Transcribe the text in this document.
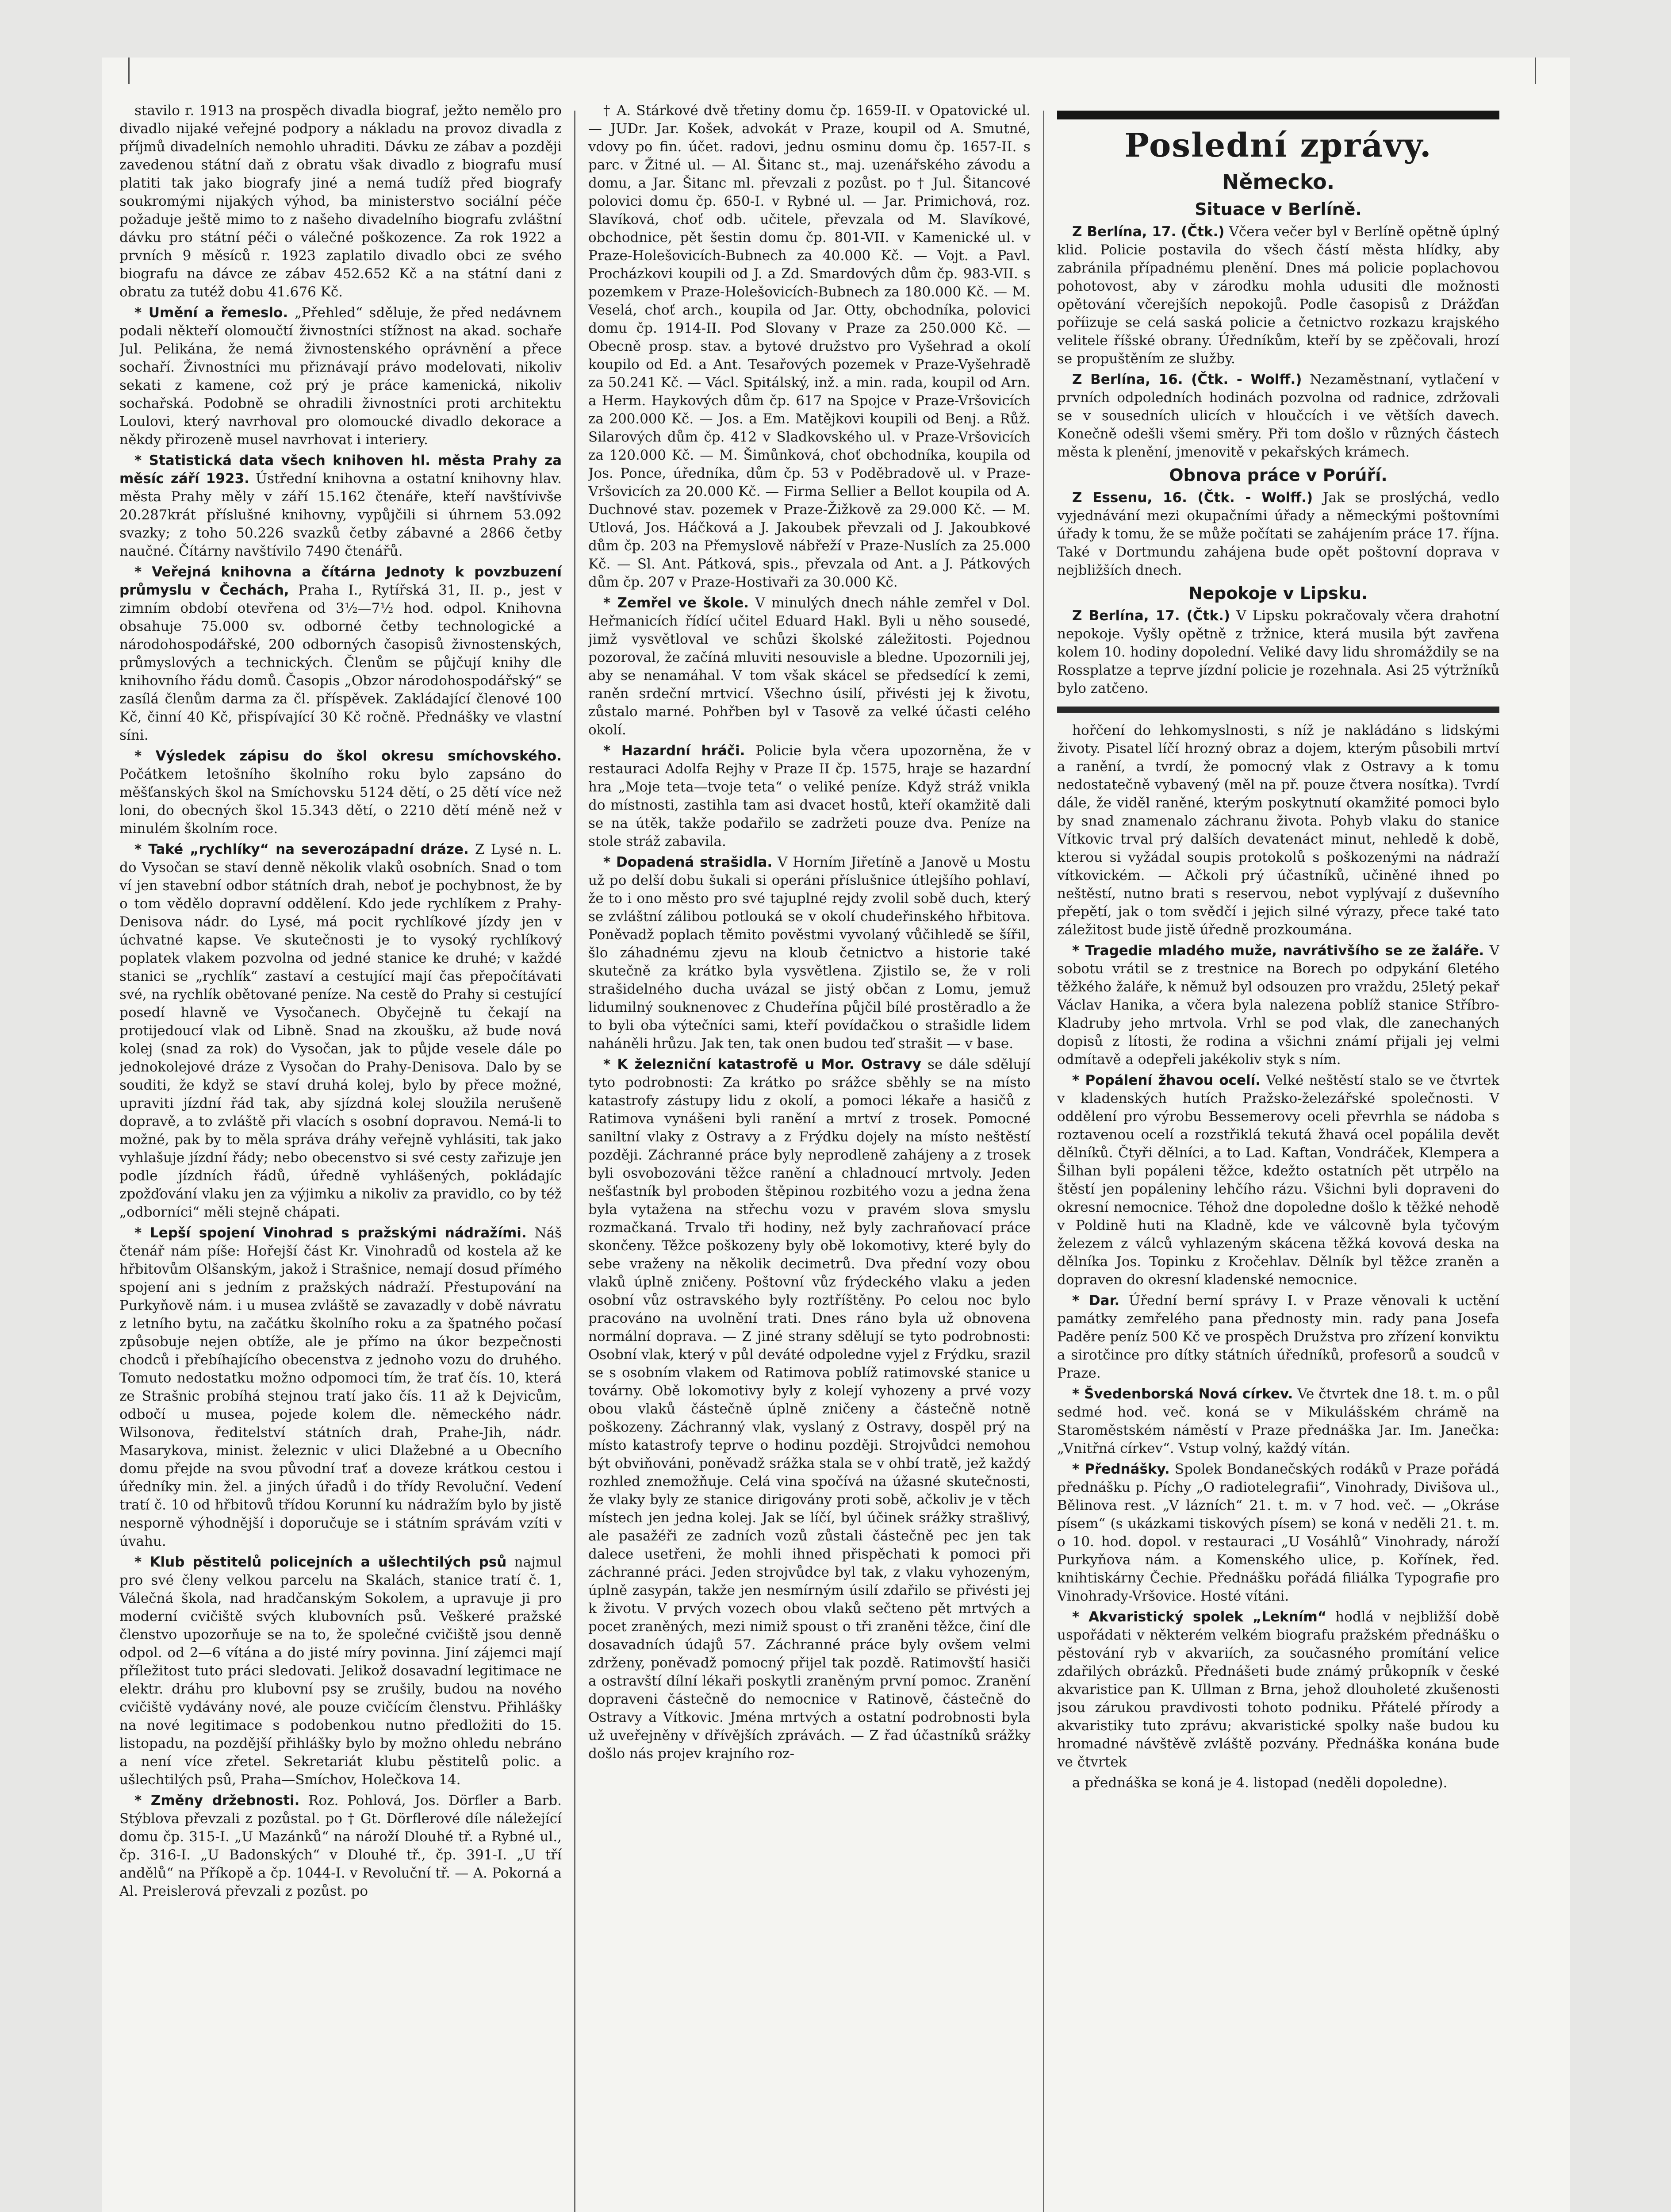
stavilo r. 1913 na prospěch divadla biograf, ježto nemělo pro divadlo nijaké veřejné podpory a nákladu na provoz divadla z příjmů divadelních nemohlo uhraditi. Dávku ze zábav a později zavedenou státní daň z obratu však divadlo z biografu musí platiti tak jako biografy jiné a nemá tudíž před biografy soukromými nijakých výhod, ba ministerstvo sociální péče požaduje ještě mimo to z našeho divadelního biografu zvláštní dávku pro státní péči o válečné poškozence. Za rok 1922 a prvních 9 měsíců r. 1923 zaplatilo divadlo obci ze svého biografu na dávce ze zábav 452.652 Kč a na státní dani z obratu za tutéž dobu 41.676 Kč.

* Umění a řemeslo. „Přehled“ sděluje, že před nedávnem podali někteří olomoučtí živnostníci stížnost na akad. sochaře Jul. Pelikána, že nemá živnostenského oprávnění a přece sochaří. Živnostníci mu přiznávají právo modelovati, nikoliv sekati z kamene, což prý je práce kamenická, nikoliv sochařská. Podobně se ohradili živnostníci proti architektu Loulovi, který navrhoval pro olomoucké divadlo dekorace a někdy přirozeně musel navrhovat i interiery.

* Statistická data všech knihoven hl. města Prahy za měsíc září 1923. Ústřední knihovna a ostatní knihovny hlav. města Prahy měly v září 15.162 čtenáře, kteří navštívivše 20.287krát příslušné knihovny, vypůjčili si úhrnem 53.092 svazky; z toho 50.226 svazků četby zábavné a 2866 četby naučné. Čítárny navštívilo 7490 čtenářů.

* Veřejná knihovna a čítárna Jednoty k povzbuzení průmyslu v Čechách, Praha I., Rytířská 31, II. p., jest v zimním období otevřena od 3½—7½ hod. odpol. Knihovna obsahuje 75.000 sv. odborné četby technologické a národohospodářské, 200 odborných časopisů živnostenských, průmyslových a technických. Členům se půjčují knihy dle knihovního řádu domů. Časopis „Obzor národohospodářský“ se zasílá členům darma za čl. příspěvek. Zakládající členové 100 Kč, činní 40 Kč, přispívající 30 Kč ročně. Přednášky ve vlastní síni.

* Výsledek zápisu do škol okresu smíchovského. Počátkem letošního školního roku bylo zapsáno do měšťanských škol na Smíchovsku 5124 dětí, o 25 dětí více než loni, do obecných škol 15.343 dětí, o 2210 dětí méně než v minulém školním roce.

* Také „rychlíky“ na severozápadní dráze. Z Lysé n. L. do Vysočan se staví denně několik vlaků osobních. Snad o tom ví jen stavební odbor státních drah, neboť je pochybnost, že by o tom vědělo dopravní oddělení. Kdo jede rychlíkem z Prahy-Denisova nádr. do Lysé, má pocit rychlíkové jízdy jen v úchvatné kapse. Ve skutečnosti je to vysoký rychlíkový poplatek vlakem pozvolna od jedné stanice ke druhé; v každé stanici se „rychlík“ zastaví a cestující mají čas přepočítávati své, na rychlík obětované peníze. Na cestě do Prahy si cestující posedí hlavně ve Vysočanech. Obyčejně tu čekají na protijedoucí vlak od Libně. Snad na zkoušku, až bude nová kolej (snad za rok) do Vysočan, jak to půjde vesele dále po jednokolejové dráze z Vysočan do Prahy-Denisova. Dalo by se souditi, že když se staví druhá kolej, bylo by přece možné, upraviti jízdní řád tak, aby sjízdná kolej sloužila nerušeně dopravě, a to zvláště při vlacích s osobní dopravou. Nemá-li to možné, pak by to měla správa dráhy veřejně vyhlásiti, tak jako vyhlašuje jízdní řády; nebo obecenstvo si své cesty zařizuje jen podle jízdních řádů, úředně vyhlášených, pokládajíc zpožďování vlaku jen za výjimku a nikoliv za pravidlo, co by též „odborníci“ měli stejně chápati.

* Lepší spojení Vinohrad s pražskými nádražími. Náš čtenář nám píše: Hořejší část Kr. Vinohradů od kostela až ke hřbitovům Olšanským, jakož i Strašnice, nemají dosud přímého spojení ani s jedním z pražských nádraží. Přestupování na Purkyňově nám. i u musea zvláště se zavazadly v době návratu z letního bytu, na začátku školního roku a za špatného počasí způsobuje nejen obtíže, ale je přímo na úkor bezpečnosti chodců i přebíhajícího obecenstva z jednoho vozu do druhého. Tomuto nedostatku možno odpomoci tím, že trať čís. 10, která ze Strašnic probíhá stejnou tratí jako čís. 11 až k Dejvicům, odbočí u musea, pojede kolem dle. německého nádr. Wilsonova, ředitelství státních drah, Prahe-Jih, nádr. Masarykova, minist. železnic v ulici Dlažebné a u Obecního domu přejde na svou původní trať a doveze krátkou cestou i úředníky min. žel. a jiných úřadů i do třídy Revoluční. Vedení tratí č. 10 od hřbitovů třídou Korunní ku nádražím bylo by jistě nesporně výhodnější i doporučuje se i státním správám vzíti v úvahu.

* Klub pěstitelů policejních a ušlechtilých psů najmul pro své členy velkou parcelu na Skalách, stanice tratí č. 1, Válečná škola, nad hradčanským Sokolem, a upravuje ji pro moderní cvičiště svých klubovních psů. Veškeré pražské členstvo upozorňuje se na to, že společné cvičiště jsou denně odpol. od 2—6 vítána a do jisté míry povinna. Jiní zájemci mají příležitost tuto práci sledovati. Jelikož dosavadní legitimace ne elektr. dráhu pro klubovní psy se zrušily, budou na nového cvičiště vydávány nové, ale pouze cvičícím členstvu. Přihlášky na nové legitimace s podobenkou nutno předložiti do 15. listopadu, na pozdější přihlášky bylo by možno ohledu nebráno a není více zřetel. Sekretariát klubu pěstitelů polic. a ušlechtilých psů, Praha—Smíchov, Holečkova 14.

* Změny držebnosti. Roz. Pohlová, Jos. Dörfler a Barb. Stýblova převzali z pozůstal. po † Gt. Dörflerové díle náležející domu čp. 315-I. „U Mazánků“ na nároží Dlouhé tř. a Rybné ul., čp. 316-I. „U Badonských“ v Dlouhé tř., čp. 391-I. „U tří andělů“ na Příkopě a čp. 1044-I. v Revoluční tř. — A. Pokorná a Al. Preislerová převzali z pozůst. po

† A. Stárkové dvě třetiny domu čp. 1659-II. v Opatovické ul. — JUDr. Jar. Košek, advokát v Praze, koupil od A. Smutné, vdovy po fin. účet. radovi, jednu osminu domu čp. 1657-II. s parc. v Žitné ul. — Al. Šitanc st., maj. uzenářského závodu a domu, a Jar. Šitanc ml. převzali z pozůst. po † Jul. Šitancové polovici domu čp. 650-I. v Rybné ul. — Jar. Primichová, roz. Slavíková, choť odb. učitele, převzala od M. Slavíkové, obchodnice, pět šestin domu čp. 801-VII. v Kamenické ul. v Praze-Holešovicích-Bubnech za 40.000 Kč. — Vojt. a Pavl. Procházkovi koupili od J. a Zd. Smardových dům čp. 983-VII. s pozemkem v Praze-Holešovicích-Bubnech za 180.000 Kč. — M. Veselá, choť arch., koupila od Jar. Otty, obchodníka, polovici domu čp. 1914-II. Pod Slovany v Praze za 250.000 Kč. — Obecně prosp. stav. a bytové družstvo pro Vyšehrad a okolí koupilo od Ed. a Ant. Tesařových pozemek v Praze-Vyšehradě za 50.241 Kč. — Václ. Spitálský, inž. a min. rada, koupil od Arn. a Herm. Haykových dům čp. 617 na Spojce v Praze-Vršovicích za 200.000 Kč. — Jos. a Em. Matějkovi koupili od Benj. a Růž. Silarových dům čp. 412 v Sladkovského ul. v Praze-Vršovicích za 120.000 Kč. — M. Šimůnková, choť obchodníka, koupila od Jos. Ponce, úředníka, dům čp. 53 v Poděbradově ul. v Praze-Vršovicích za 20.000 Kč. — Firma Sellier a Bellot koupila od A. Duchnové stav. pozemek v Praze-Žižkově za 29.000 Kč. — M. Utlová, Jos. Háčková a J. Jakoubek převzali od J. Jakoubkové dům čp. 203 na Přemyslově nábřeží v Praze-Nuslích za 25.000 Kč. — Sl. Ant. Pátková, spis., převzala od Ant. a J. Pátkových dům čp. 207 v Praze-Hostivaři za 30.000 Kč.

* Zemřel ve škole. V minulých dnech náhle zemřel v Dol. Heřmanicích řídící učitel Eduard Hakl. Byli u něho sousedé, jimž vysvětloval ve schůzi školské záležitosti. Pojednou pozoroval, že začíná mluviti nesouvisle a bledne. Upozornili jej, aby se nenamáhal. V tom však skácel se předsedící k zemi, raněn srdeční mrtvicí. Všechno úsilí, přivésti jej k životu, zůstalo marné. Pohřben byl v Tasově za velké účasti celého okolí.

* Hazardní hráči. Policie byla včera upozorněna, že v restauraci Adolfa Rejhy v Praze II čp. 1575, hraje se hazardní hra „Moje teta—tvoje teta“ o veliké peníze. Když stráž vnikla do místnosti, zastihla tam asi dvacet hostů, kteří okamžitě dali se na útěk, takže podařilo se zadržeti pouze dva. Peníze na stole stráž zabavila.

* Dopadená strašidla. V Horním Jiřetíně a Janově u Mostu už po delší dobu šukali si operáni příslušnice útlejšího pohlaví, že to i ono město pro své tajuplné rejdy zvolil sobě duch, který se zvláštní zálibou potlouká se v okolí chudeřinského hřbitova. Poněvadž poplach těmito pověstmi vyvolaný vůčihledě se šířil, šlo záhadnému zjevu na kloub četnictvo a historie také skutečně za krátko byla vysvětlena. Zjistilo se, že v roli strašidelného ducha uvázal se jistý občan z Lomu, jemuž lidumilný souknenovec z Chudeřína půjčil bílé prostěradlo a že to byli oba výtečníci sami, kteří povídačkou o strašidle lidem naháněli hrůzu. Jak ten, tak onen budou teď strašit — v base.

* K železniční katastrofě u Mor. Ostravy se dále sdělují tyto podrobnosti: Za krátko po srážce sběhly se na místo katastrofy zástupy lidu z okolí, a pomoci lékaře a hasičů z Ratimova vynášeni byli ranění a mrtví z trosek. Pomocné saniltní vlaky z Ostravy a z Frýdku dojely na místo neštěstí později. Záchranné práce byly neprodleně zahájeny a z trosek byli osvobozováni těžce ranění a chladnoucí mrtvoly. Jeden nešťastník byl proboden štěpinou rozbitého vozu a jedna žena byla vytažena na střechu vozu v pravém slova smyslu rozmačkaná. Trvalo tři hodiny, než byly zachraňovací práce skončeny. Těžce poškozeny byly obě lokomotivy, které byly do sebe vraženy na několik decimetrů. Dva přední vozy obou vlaků úplně zničeny. Poštovní vůz frýdeckého vlaku a jeden osobní vůz ostravského byly roztříštěny. Po celou noc bylo pracováno na uvolnění trati. Dnes ráno byla už obnovena normální doprava. — Z jiné strany sdělují se tyto podrobnosti: Osobní vlak, který v půl deváté odpoledne vyjel z Frýdku, srazil se s osobním vlakem od Ratimova poblíž ratimovské stanice u továrny. Obě lokomotivy byly z kolejí vyhozeny a prvé vozy obou vlaků částečně úplně zničeny a částečně notně poškozeny. Záchranný vlak, vyslaný z Ostravy, dospěl prý na místo katastrofy teprve o hodinu později. Strojvůdci nemohou být obviňováni, poněvadž srážka stala se v ohbí tratě, jež každý rozhled znemožňuje. Celá vina spočívá na úžasné skutečnosti, že vlaky byly ze stanice dirigovány proti sobě, ačkoliv je v těch místech jen jedna kolej. Jak se líčí, byl účinek srážky strašlivý, ale pasažéři ze zadních vozů zůstali částečně pec jen tak dalece usetřeni, že mohli ihned přispěchati k pomoci při záchranné práci. Jeden strojvůdce byl tak, z vlaku vyhozeným, úplně zasypán, takže jen nesmírným úsilí zdařilo se přivésti jej k životu. V prvých vozech obou vlaků sečteno pět mrtvých a pocet zraněných, mezi nimiž spoust o tři zraněni těžce, činí dle dosavadních údajů 57. Záchranné práce byly ovšem velmi zdrženy, poněvadž pomocný přijel tak pozdě. Ratimovští hasiči a ostravští dílní lékaři poskytli zraněným první pomoc. Zranění dopraveni částečně do nemocnice v Ratinově, částečně do Ostravy a Vítkovic. Jména mrtvých a ostatní podrobnosti byla už uveřejněny v dřívějších zprávách. — Z řad účastníků srážky došlo nás projev krajního roz-

Poslední zprávy.
Německo.
Situace v Berlíně.

Z Berlína, 17. (Čtk.) Včera večer byl v Berlíně opětně úplný klid. Policie postavila do všech částí města hlídky, aby zabránila případnému plenění. Dnes má policie poplachovou pohotovost, aby v zárodku mohla udusiti dle možnosti opětování včerejších nepokojů. Podle časopisů z Drážďan poříizuje se celá saská policie a četnictvo rozkazu krajského velitele říšské obrany. Úředníkům, kteří by se zpěčovali, hrozí se propuštěním ze služby.

Z Berlína, 16. (Čtk. - Wolff.) Nezaměstnaní, vytlačení v prvních odpoledních hodinách pozvolna od radnice, zdržovali se v sousedních ulicích v hloučcích i ve větších davech. Konečně odešli všemi směry. Při tom došlo v různých částech města k plenění, jmenovitě v pekařských krámech.

Obnova práce v Porúří.

Z Essenu, 16. (Čtk. - Wolff.) Jak se proslýchá, vedlo vyjednávání mezi okupačními úřady a německými poštovními úřady k tomu, že se může počítati se zahájením práce 17. října. Také v Dortmundu zahájena bude opět poštovní doprava v nejbližších dnech.

Nepokoje v Lipsku.

Z Berlína, 17. (Čtk.) V Lipsku pokračovaly včera drahotní nepokoje. Vyšly opětně z tržnice, která musila být zavřena kolem 10. hodiny dopolední. Veliké davy lidu shromáždily se na Rossplatze a teprve jízdní policie je rozehnala. Asi 25 výtržníků bylo zatčeno.

hořčení do lehkomyslnosti, s níž je nakládáno s lidskými životy. Pisatel líčí hrozný obraz a dojem, kterým působili mrtví a ranění, a tvrdí, že pomocný vlak z Ostravy a k tomu nedostatečně vybavený (měl na př. pouze čtvera nosítka). Tvrdí dále, že viděl raněné, kterým poskytnutí okamžité pomoci bylo by snad znamenalo záchranu života. Pohyb vlaku do stanice Vítkovic trval prý dalších devatenáct minut, nehledě k době, kterou si vyžádal soupis protokolů s poškozenými na nádraží vítkovickém. — Ačkoli prý účastníků, učiněné ihned po neštěstí, nutno brati s reservou, nebot vyplývají z duševního přepětí, jak o tom svědčí i jejich silné výrazy, přece také tato záležitost bude jistě úředně prozkoumána.

* Tragedie mladého muže, navrátivšího se ze žaláře. V sobotu vrátil se z trestnice na Borech po odpykání 6letého těžkého žaláře, k němuž byl odsouzen pro vraždu, 25letý pekař Václav Hanika, a včera byla nalezena poblíž stanice Stříbro-Kladruby jeho mrtvola. Vrhl se pod vlak, dle zanechaných dopisů z lítosti, že rodina a všichni známí přijali jej velmi odmítavě a odepřeli jakékoliv styk s ním.

* Popálení žhavou ocelí. Velké neštěstí stalo se ve čtvrtek v kladenských hutích Pražsko-železářské společnosti. V oddělení pro výrobu Bessemerovy oceli převrhla se nádoba s roztavenou ocelí a rozstřiklá tekutá žhavá ocel popálila devět dělníků. Čtyři dělníci, a to Lad. Kaftan, Vondráček, Klempera a Šilhan byli popáleni těžce, kdežto ostatních pět utrpělo na štěstí jen popáleniny lehčího rázu. Všichni byli dopraveni do okresní nemocnice. Téhož dne dopoledne došlo k těžké nehodě v Poldině huti na Kladně, kde ve válcovně byla tyčovým železem z válců vyhlazeným skácena těžká kovová deska na dělníka Jos. Topinku z Kročehlav. Dělník byl těžce zraněn a dopraven do okresní kladenské nemocnice.

* Dar. Úřední berní správy I. v Praze věnovali k uctění památky zemřelého pana přednosty min. rady pana Josefa Paděre peníz 500 Kč ve prospěch Družstva pro zřízení konviktu a sirotčince pro dítky státních úředníků, profesorů a soudců v Praze.

* Švedenborská Nová církev. Ve čtvrtek dne 18. t. m. o půl sedmé hod. več. koná se v Mikulášském chrámě na Staroměstském náměstí v Praze přednáška Jar. Im. Janečka: „Vnitřná církev“. Vstup volný, každý vítán.

* Přednášky. Spolek Bondanečských rodáků v Praze pořádá přednášku p. Píchy „O radiotelegrafii“, Vinohrady, Divišova ul., Bělinova rest. „V lázních“ 21. t. m. v 7 hod. več. — „Okráse písem“ (s ukázkami tiskových písem) se koná v neděli 21. t. m. o 10. hod. dopol. v restauraci „U Vosáhlů“ Vinohrady, nároží Purkyňova nám. a Komenského ulice, p. Kořínek, řed. knihtiskárny Čechie. Přednášku pořádá filiálka Typografie pro Vinohrady-Vršovice. Hosté vítáni.

* Akvaristický spolek „Lekním“ hodlá v nejbližší době uspořádati v některém velkém biografu pražském přednášku o pěstování ryb v akvariích, za současného promítání velice zdařilých obrázků. Přednášeti bude známý průkopník v české akvaristice pan K. Ullman z Brna, jehož dlouholeté zkušenosti jsou zárukou pravdivosti tohoto podniku. Přátelé přírody a akvaristiky tuto zprávu; akvaristické spolky naše budou ku hromadné návštěvě zvláště pozvány. Přednáška konána bude ve čtvrtek

a přednáška se koná je 4. listopad (neděli dopoledne).
